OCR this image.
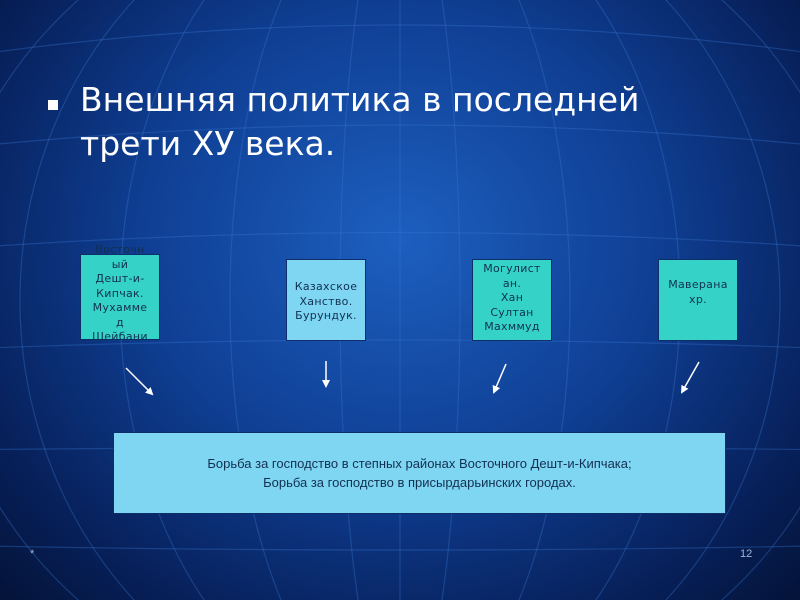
Внешняя политика в последней
трети ХУ века.
Восточн
ый
Дешт-и-
Кипчак.
Мухамме
д
Шейбани
Казахское
Ханство.
Бурундук.
Могулист
ан.
Хан
Султан
Махммуд
Маверана
хр.
Борьба за господство в степных районах Восточного Дешт-и-Кипчака;
Борьба за господство в присырдарьинских городах.
*	12
